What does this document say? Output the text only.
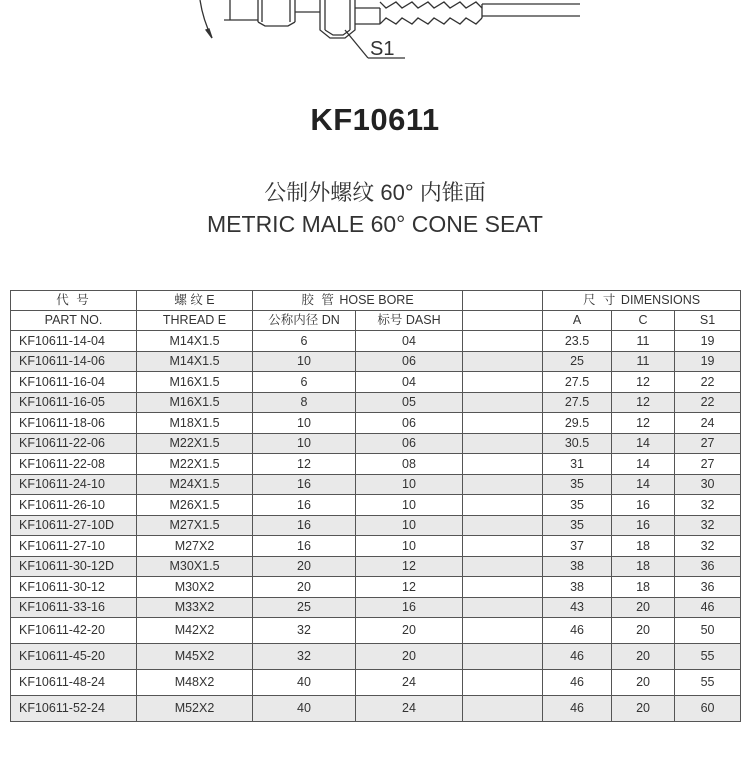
S1
KF10611
公制外螺纹 60° 内锥面
METRIC MALE 60° CONE SEAT
代 号	螺 纹 E	胶 管 HOSE BORE			尺 寸 DIMENSIONS		
PART NO.	THREAD E	公称内径 DN	标号 DASH		A	C	S1
KF10611-14-04	M14X1.5	6	04		23.5	11	19
KF10611-14-06	M14X1.5	10	06		25	11	19
KF10611-16-04	M16X1.5	6	04		27.5	12	22
KF10611-16-05	M16X1.5	8	05		27.5	12	22
KF10611-18-06	M18X1.5	10	06		29.5	12	24
KF10611-22-06	M22X1.5	10	06		30.5	14	27
KF10611-22-08	M22X1.5	12	08		31	14	27
KF10611-24-10	M24X1.5	16	10		35	14	30
KF10611-26-10	M26X1.5	16	10		35	16	32
KF10611-27-10D	M27X1.5	16	10		35	16	32
KF10611-27-10	M27X2	16	10		37	18	32
KF10611-30-12D	M30X1.5	20	12		38	18	36
KF10611-30-12	M30X2	20	12		38	18	36
KF10611-33-16	M33X2	25	16		43	20	46
KF10611-42-20	M42X2	32	20		46	20	50
KF10611-45-20	M45X2	32	20		46	20	55
KF10611-48-24	M48X2	40	24		46	20	55
KF10611-52-24	M52X2	40	24		46	20	60
